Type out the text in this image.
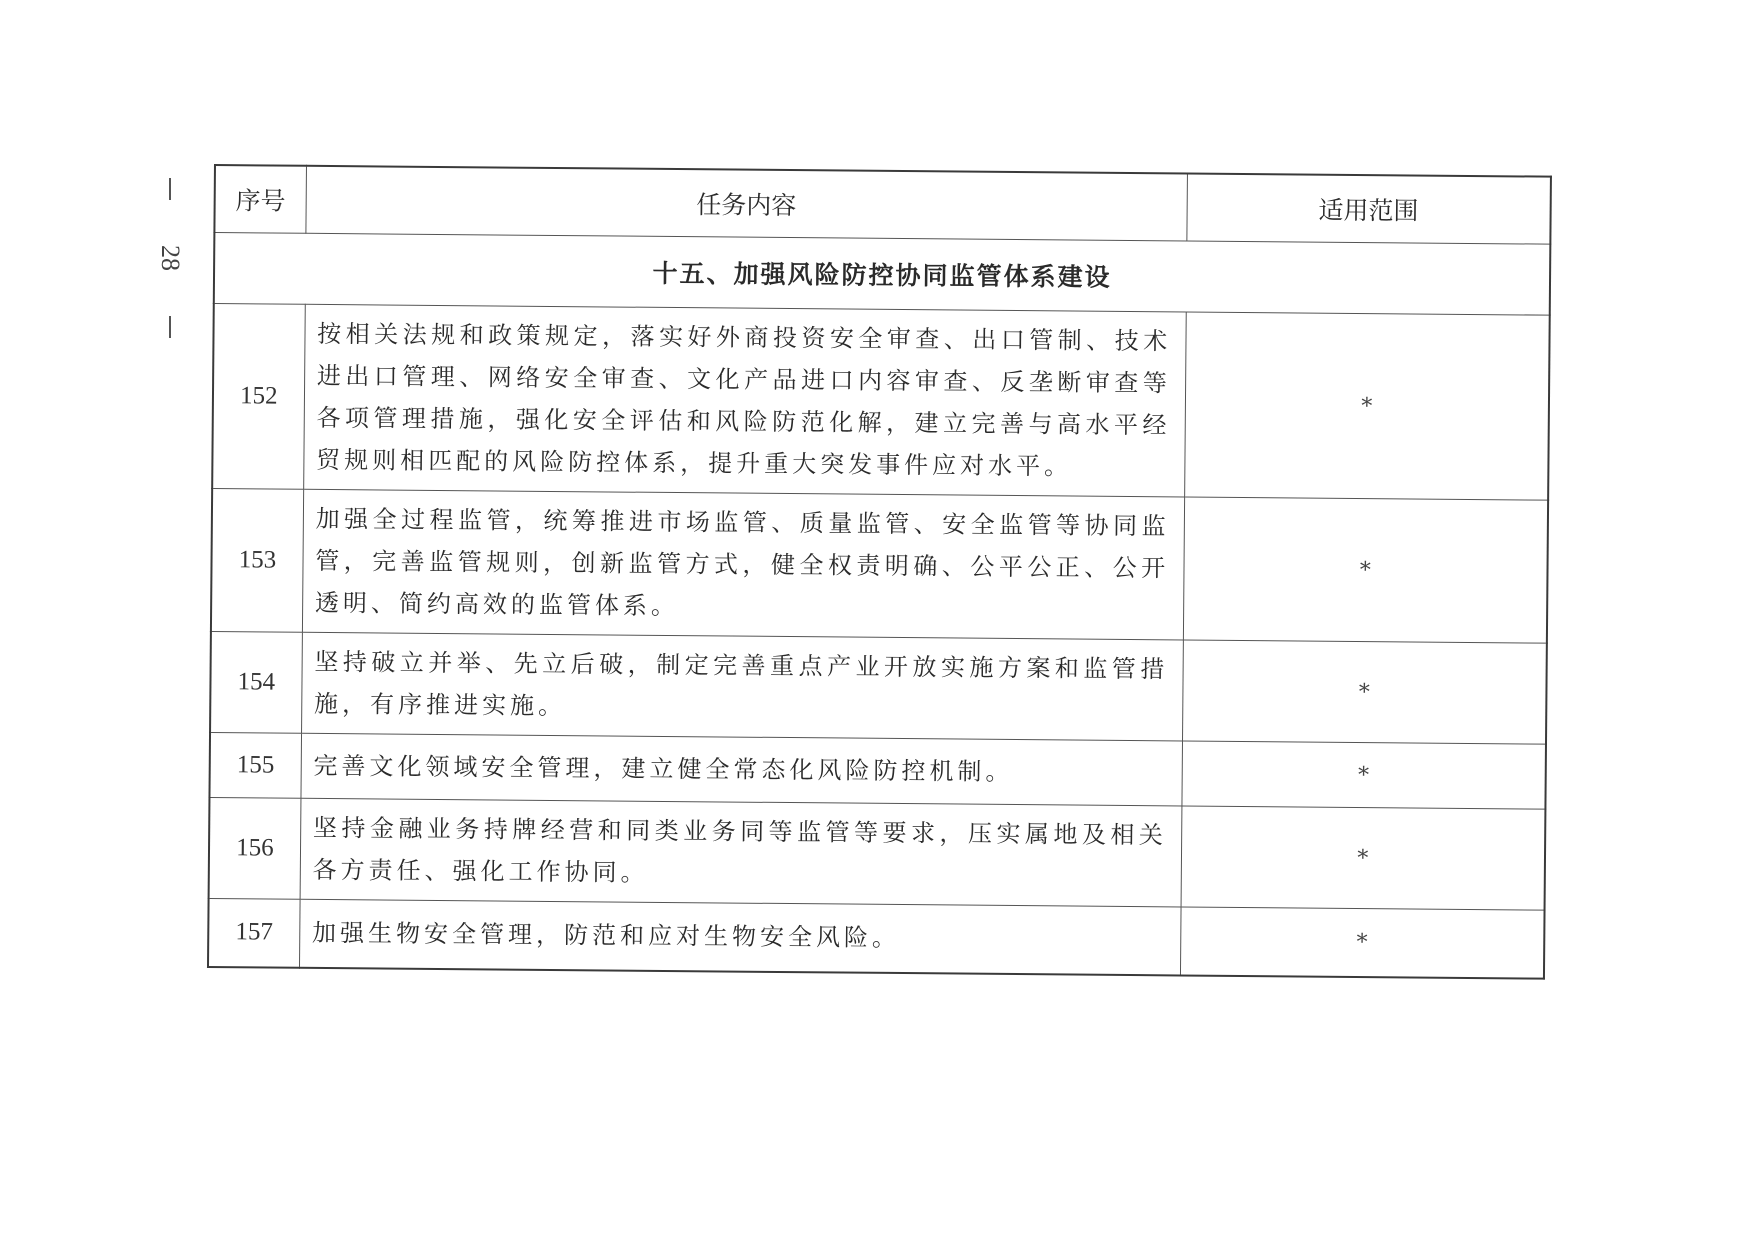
28
序号	任务内容	适用范围
十五、加强风险防控协同监管体系建设		
152	按相关法规和政策规定，落实好外商投资安全审查、出口管制、技术进出口管理、网络安全审查、文化产品进口内容审查、反垄断审查等各项管理措施，强化安全评估和风险防范化解，建立完善与高水平经贸规则相匹配的风险防控体系，提升重大突发事件应对水平。	*
153	加强全过程监管，统筹推进市场监管、质量监管、安全监管等协同监管，完善监管规则，创新监管方式，健全权责明确、公平公正、公开透明、简约高效的监管体系。	*
154	坚持破立并举、先立后破，制定完善重点产业开放实施方案和监管措施，有序推进实施。	*
155	完善文化领域安全管理，建立健全常态化风险防控机制。	*
156	坚持金融业务持牌经营和同类业务同等监管等要求，压实属地及相关各方责任、强化工作协同。	*
157	加强生物安全管理，防范和应对生物安全风险。	*
